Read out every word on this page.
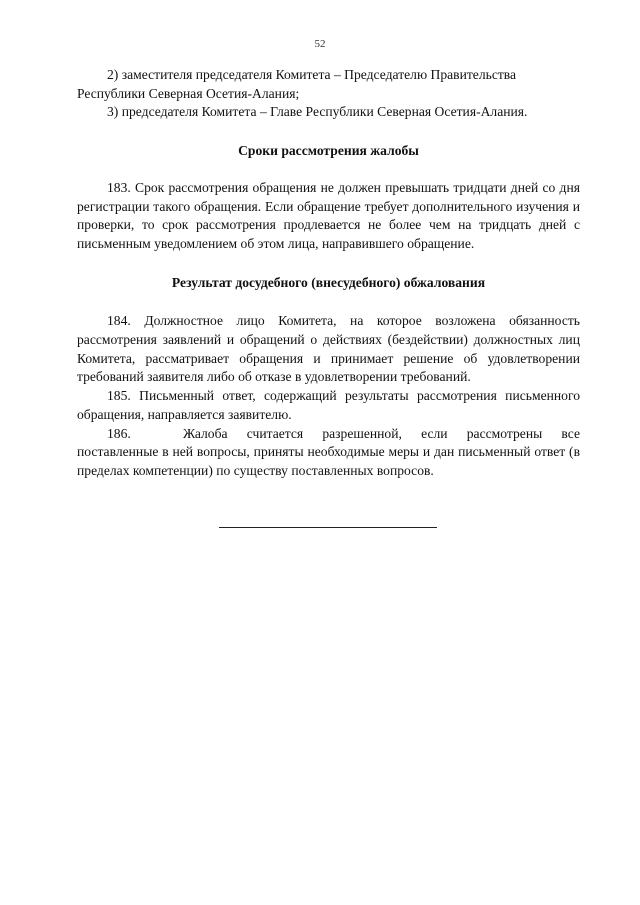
52

2) заместителя председателя Комитета – Председателю Правительства
Республики Северная Осетия-Алания;

3) председателя Комитета – Главе Республики Северная Осетия-Алания.

Сроки рассмотрения жалобы

183. Срок рассмотрения обращения не должен превышать тридцати дней со дня регистрации такого обращения. Если обращение требует дополнительного изучения и проверки, то срок рассмотрения продлевается не более чем на тридцать дней с письменным уведомлением об этом лица, направившего обращение.

Результат досудебного (внесудебного) обжалования

184. Должностное лицо Комитета, на которое возложена обязанность рассмотрения заявлений и обращений о действиях (бездействии) должностных лиц Комитета, рассматривает обращения и принимает решение об удовлетворении требований заявителя либо об отказе в удовлетворении требований.

185. Письменный ответ, содержащий результаты рассмотрения письменного обращения, направляется заявителю.

186.	Жалоба считается разрешенной, если рассмотрены все поставленные в ней вопросы, приняты необходимые меры и дан письменный ответ (в пределах компетенции) по существу поставленных вопросов.
